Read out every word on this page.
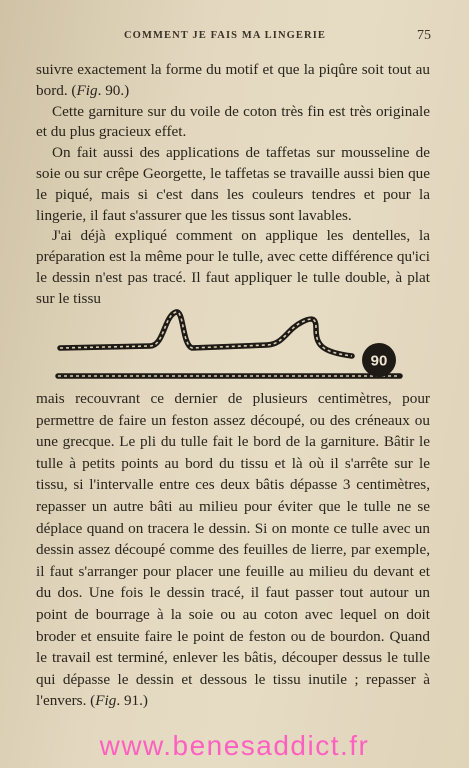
COMMENT JE FAIS MA LINGERIE	75

suivre exactement la forme du motif et que la piqûre soit tout au bord. (Fig. 90.)

Cette garniture sur du voile de coton très fin est très originale et du plus gracieux effet.

On fait aussi des applications de taffetas sur mousseline de soie ou sur crêpe Georgette, le taffetas se travaille aussi bien que le piqué, mais si c'est dans les couleurs tendres et pour la lingerie, il faut s'assurer que les tissus sont lavables.

J'ai déjà expliqué comment on applique les dentelles, la préparation est la même pour le tulle, avec cette différence qu'ici le dessin n'est pas tracé. Il faut appliquer le tulle double, à plat sur le tissu

90

mais recouvrant ce dernier de plusieurs centimètres, pour permettre de faire un feston assez découpé, ou des créneaux ou une grecque. Le pli du tulle fait le bord de la garniture. Bâtir le tulle à petits points au bord du tissu et là où il s'arrête sur le tissu, si l'intervalle entre ces deux bâtis dépasse 3 centimètres, repasser un autre bâti au milieu pour éviter que le tulle ne se déplace quand on tracera le dessin. Si on monte ce tulle avec un dessin assez découpé comme des feuilles de lierre, par exemple, il faut s'arranger pour placer une feuille au milieu du devant et du dos. Une fois le dessin tracé, il faut passer tout autour un point de bourrage à la soie ou au coton avec lequel on doit broder et ensuite faire le point de feston ou de bourdon. Quand le travail est terminé, enlever les bâtis, découper dessus le tulle qui dépasse le dessin et dessous le tissu inutile ; repasser à l'envers. (Fig. 91.)

www.benesaddict.fr
